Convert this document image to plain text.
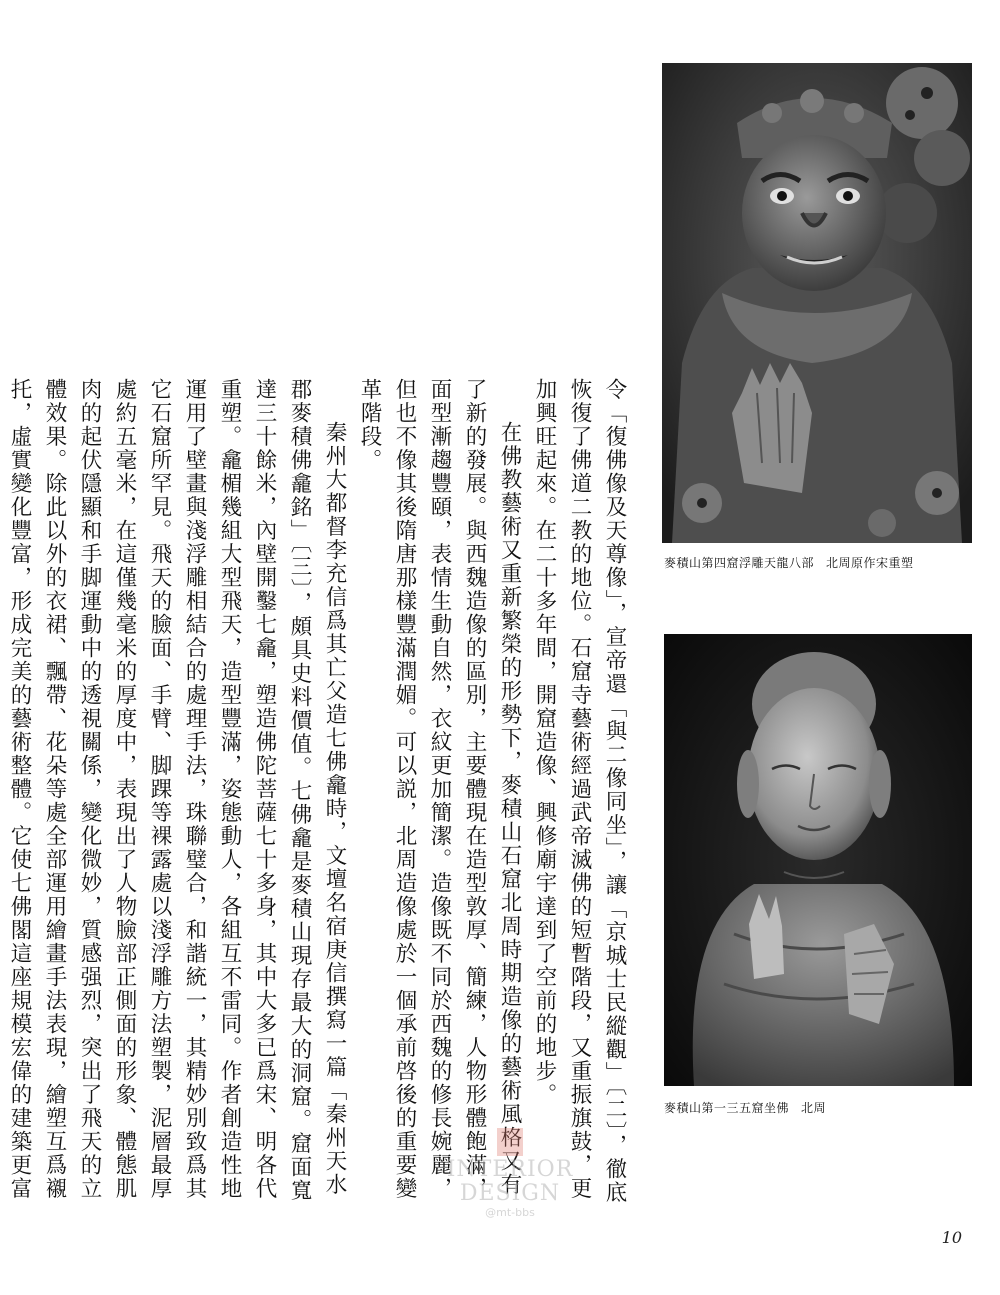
麥積山第四窟浮雕天龍八部 北周原作宋重塑
麥積山第一三五窟坐佛 北周

令「復佛像及天尊像」，宣帝還「與二像同坐」，讓「京城士民縱觀」〔二〕，徹底恢復了佛道二教的地位。石窟寺藝術經過武帝滅佛的短暫階段，又重振旗鼓，更加興旺起來。在二十多年間，開窟造像、興修廟宇達到了空前的地步。

在佛教藝術又重新繁榮的形勢下，麥積山石窟北周時期造像的藝術風格又有了新的發展。與西魏造像的區別，主要體現在造型敦厚、簡練，人物形體飽滿，面型漸趨豐頤，表情生動自然，衣紋更加簡潔。造像既不同於西魏的修長婉麗，但也不像其後隋唐那樣豐滿潤媚。可以説，北周造像處於一個承前啓後的重要變革階段。

秦州大都督李充信爲其亡父造七佛龕時，文壇名宿庚信撰寫一篇「秦州天水郡麥積佛龕銘」〔三〕，頗具史料價值。七佛龕是麥積山現存最大的洞窟。窟面寬達三十餘米，內壁開鑿七龕，塑造佛陀菩薩七十多身，其中大多已爲宋、明各代重塑。龕楣幾組大型飛天，造型豐滿，姿態動人，各組互不雷同。作者創造性地運用了壁畫與淺浮雕相結合的處理手法，珠聯璧合，和諧統一，其精妙別致爲其它石窟所罕見。飛天的臉面、手臂、脚踝等裸露處以淺浮雕方法塑製，泥層最厚處約五毫米，在這僅幾毫米的厚度中，表現出了人物臉部正側面的形象、體態肌肉的起伏隱顯和手脚運動中的透視關係，變化微妙，質感强烈，突出了飛天的立體效果。除此以外的衣裙、飄帶、花朵等處全部運用繪畫手法表現，繪塑互爲襯托，虛實變化豐富，形成完美的藝術整體。它使七佛閣這座規模宏偉的建築更富

INTERIOR DESIGN
@mt-bbs
10
